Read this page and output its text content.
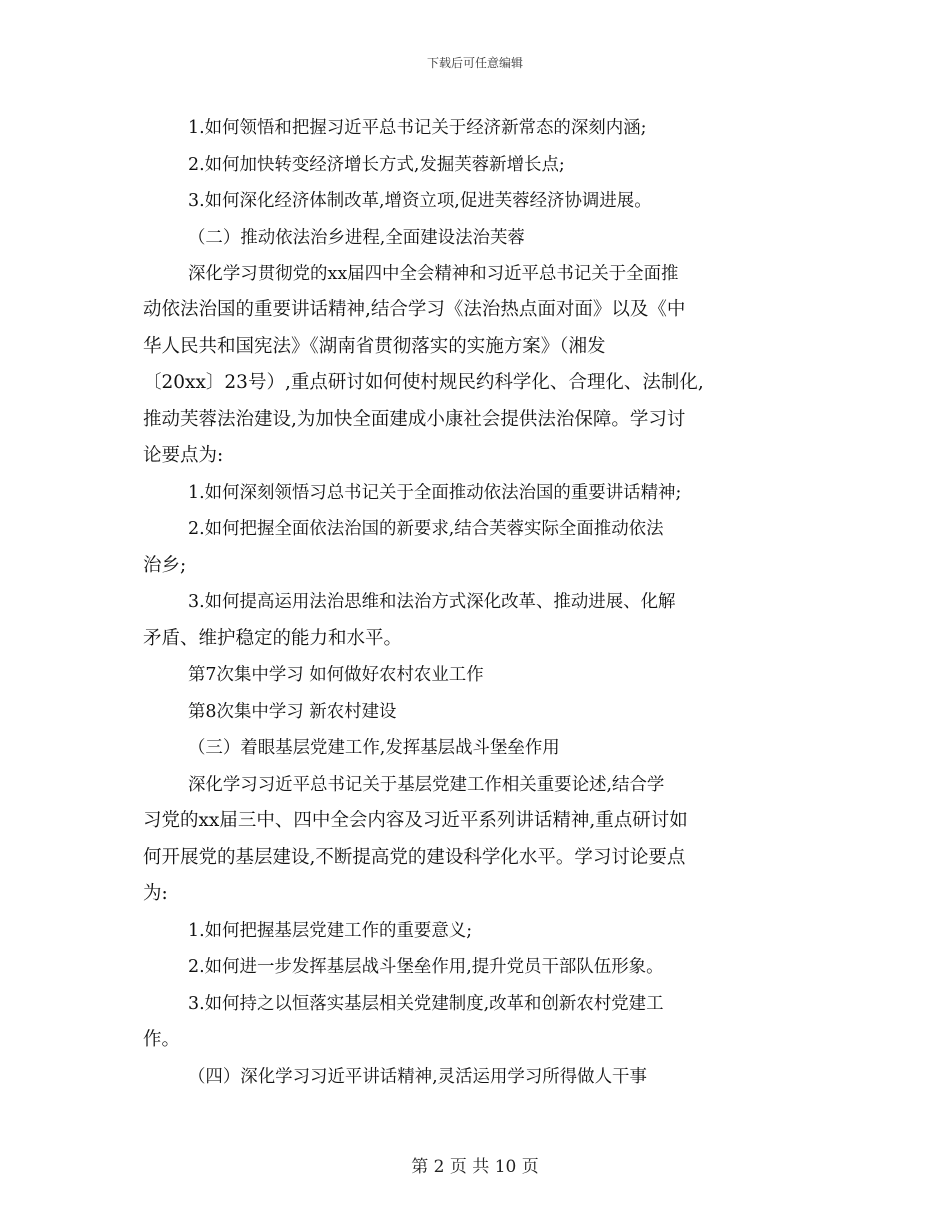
下载后可任意编辑
1.如何领悟和把握习近平总书记关于经济新常态的深刻内涵;
2.如何加快转变经济增长方式,发掘芙蓉新增长点;
3.如何深化经济体制改革,增资立项,促进芙蓉经济协调进展。
（二）推动依法治乡进程,全面建设法治芙蓉
深化学习贯彻党的xx届四中全会精神和习近平总书记关于全面推
动依法治国的重要讲话精神,结合学习《法治热点面对面》以及《中
华人民共和国宪法》《湖南省贯彻落实的实施方案》（湘发
〔20xx〕23号）,重点研讨如何使村规民约科学化、合理化、法制化,
推动芙蓉法治建设,为加快全面建成小康社会提供法治保障。学习讨
论要点为:
1.如何深刻领悟习总书记关于全面推动依法治国的重要讲话精神;
2.如何把握全面依法治国的新要求,结合芙蓉实际全面推动依法
治乡;
3.如何提高运用法治思维和法治方式深化改革、推动进展、化解
矛盾、维护稳定的能力和水平。
第7次集中学习 如何做好农村农业工作
第8次集中学习 新农村建设
（三）着眼基层党建工作,发挥基层战斗堡垒作用
深化学习习近平总书记关于基层党建工作相关重要论述,结合学
习党的xx届三中、四中全会内容及习近平系列讲话精神,重点研讨如
何开展党的基层建设,不断提高党的建设科学化水平。学习讨论要点
为:
1.如何把握基层党建工作的重要意义;
2.如何进一步发挥基层战斗堡垒作用,提升党员干部队伍形象。
3.如何持之以恒落实基层相关党建制度,改革和创新农村党建工
作。
（四）深化学习习近平讲话精神,灵活运用学习所得做人干事
第 2 页 共 10 页
